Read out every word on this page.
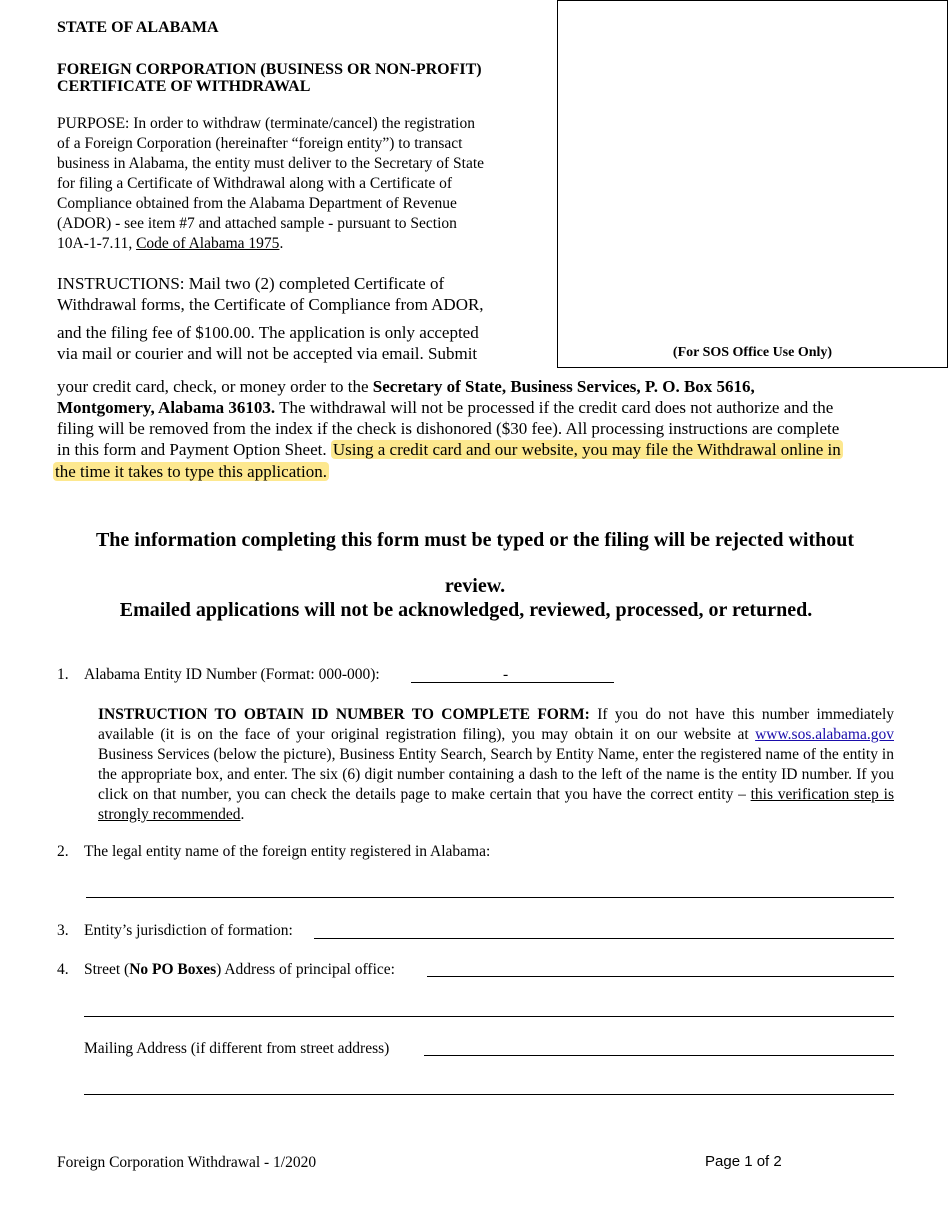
STATE OF ALABAMA
FOREIGN CORPORATION (BUSINESS OR NON-PROFIT)
CERTIFICATE OF WITHDRAWAL
(For SOS Office Use Only)
PURPOSE: In order to withdraw (terminate/cancel) the registration
of a Foreign Corporation (hereinafter “foreign entity”) to transact
business in Alabama, the entity must deliver to the Secretary of State
for filing a Certificate of Withdrawal along with a Certificate of
Compliance obtained from the Alabama Department of Revenue
(ADOR) - see item #7 and attached sample - pursuant to Section
10A-1-7.11, Code of Alabama 1975.
INSTRUCTIONS: Mail two (2) completed Certificate of
Withdrawal forms, the Certificate of Compliance from ADOR,
and the filing fee of $100.00. The application is only accepted
via mail or courier and will not be accepted via email. Submit
your credit card, check, or money order to the Secretary of State, Business Services, P. O. Box 5616,
Montgomery, Alabama 36103. The withdrawal will not be processed if the credit card does not authorize and the
filing will be removed from the index if the check is dishonored ($30 fee). All processing instructions are complete
in this form and Payment Option Sheet. Using a credit card and our website, you may file the Withdrawal online in
the time it takes to type this application.
The information completing this form must be typed or the filing will be rejected without
review.
Emailed applications will not be acknowledged, reviewed, processed, or returned.
1. Alabama Entity ID Number (Format: 000-000):	-
INSTRUCTION TO OBTAIN ID NUMBER TO COMPLETE FORM: If you do not have this number immediately available (it is on the face of your original registration filing), you may obtain it on our website at www.sos.alabama.gov Business Services (below the picture), Business Entity Search, Search by Entity Name, enter the registered name of the entity in the appropriate box, and enter. The six (6) digit number containing a dash to the left of the name is the entity ID number. If you click on that number, you can check the details page to make certain that you have the correct entity – this verification step is strongly recommended.
2. The legal entity name of the foreign entity registered in Alabama:
3. Entity’s jurisdiction of formation:
4. Street (No PO Boxes) Address of principal office:
Mailing Address (if different from street address)
Foreign Corporation Withdrawal - 1/2020	Page 1 of 2
